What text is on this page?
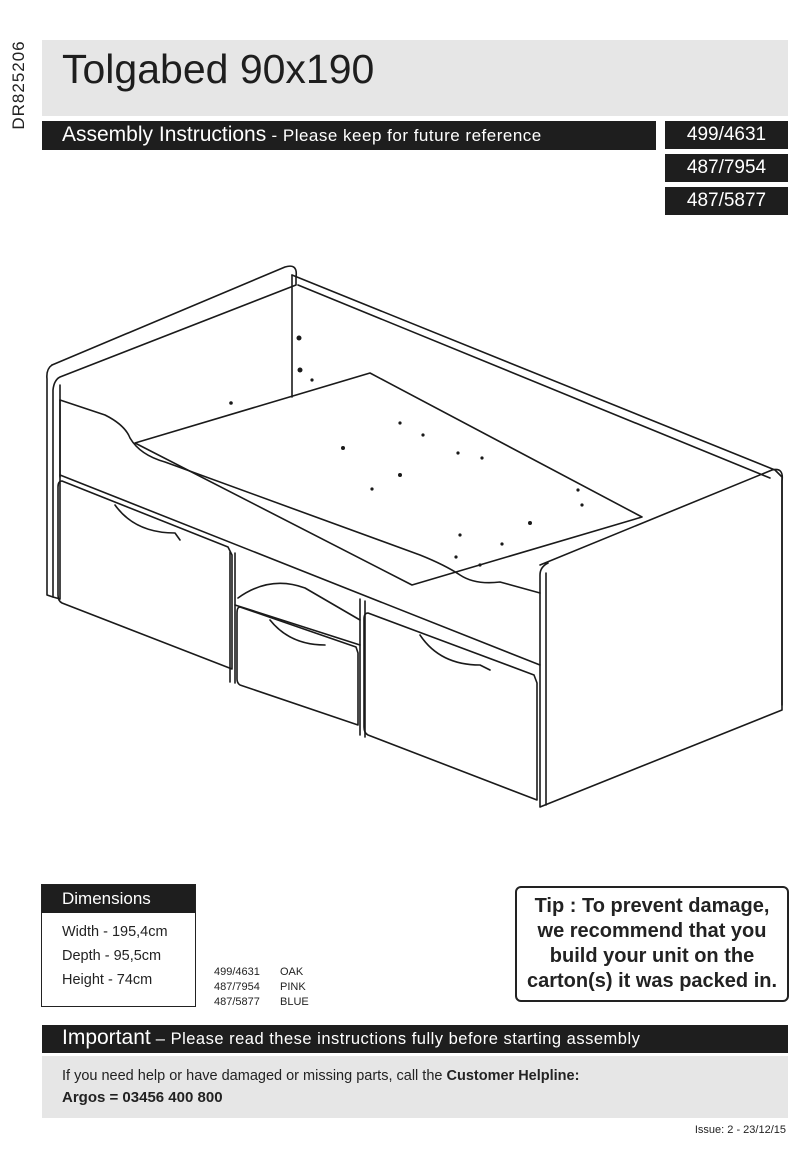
DR825206 Tolgabed 90x190
Assembly Instructions - Please keep for future reference	499/4631
487/7954
487/5877
Dimensions
Width - 195,4cm
Depth - 95,5cm
Height - 74cm	499/4631 OAK
487/7954 PINK
487/5877 BLUE
Tip : To prevent damage, we recommend that you build your unit on the carton(s) it was packed in.
Important – Please read these instructions fully before starting assembly
If you need help or have damaged or missing parts, call the Customer Helpline:
Argos = 03456 400 800
Issue: 2 - 23/12/15
